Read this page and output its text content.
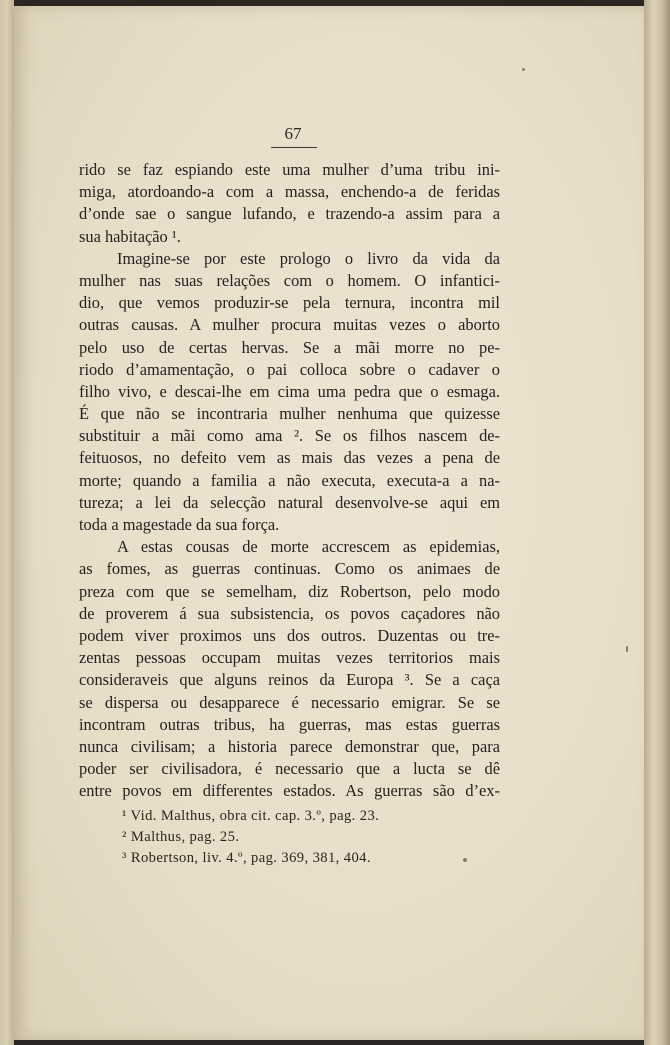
67
rido se faz espiando este uma mulher d’uma tribu ini-
miga, atordoando-a com a massa, enchendo-a de feridas
d’onde sae o sangue lufando, e trazendo-a assim para a
sua habitação ¹.
Imagine-se por este prologo o livro da vida da
mulher nas suas relações com o homem. O infantici-
dio, que vemos produzir-se pela ternura, incontra mil
outras causas. A mulher procura muitas vezes o aborto
pelo uso de certas hervas. Se a mãi morre no pe-
riodo d’amamentação, o pai colloca sobre o cadaver o
filho vivo, e descai-lhe em cima uma pedra que o esmaga.
É que não se incontraria mulher nenhuma que quizesse
substituir a mãi como ama ². Se os filhos nascem de-
feituosos, no defeito vem as mais das vezes a pena de
morte; quando a familia a não executa, executa-a a na-
tureza; a lei da selecção natural desenvolve-se aqui em
toda a magestade da sua força.
A estas cousas de morte accrescem as epidemias,
as fomes, as guerras continuas. Como os animaes de
preza com que se semelham, diz Robertson, pelo modo
de proverem á sua subsistencia, os povos caçadores não
podem viver proximos uns dos outros. Duzentas ou tre-
zentas pessoas occupam muitas vezes territorios mais
consideraveis que alguns reinos da Europa ³. Se a caça
se dispersa ou desapparece é necessario emigrar. Se se
incontram outras tribus, ha guerras, mas estas guerras
nunca civilisam; a historia parece demonstrar que, para
poder ser civilisadora, é necessario que a lucta se dê
entre povos em differentes estados. As guerras são d’ex-
¹ Vid. Malthus, obra cit. cap. 3.º, pag. 23.
² Malthus, pag. 25.
³ Robertson, liv. 4.º, pag. 369, 381, 404.
